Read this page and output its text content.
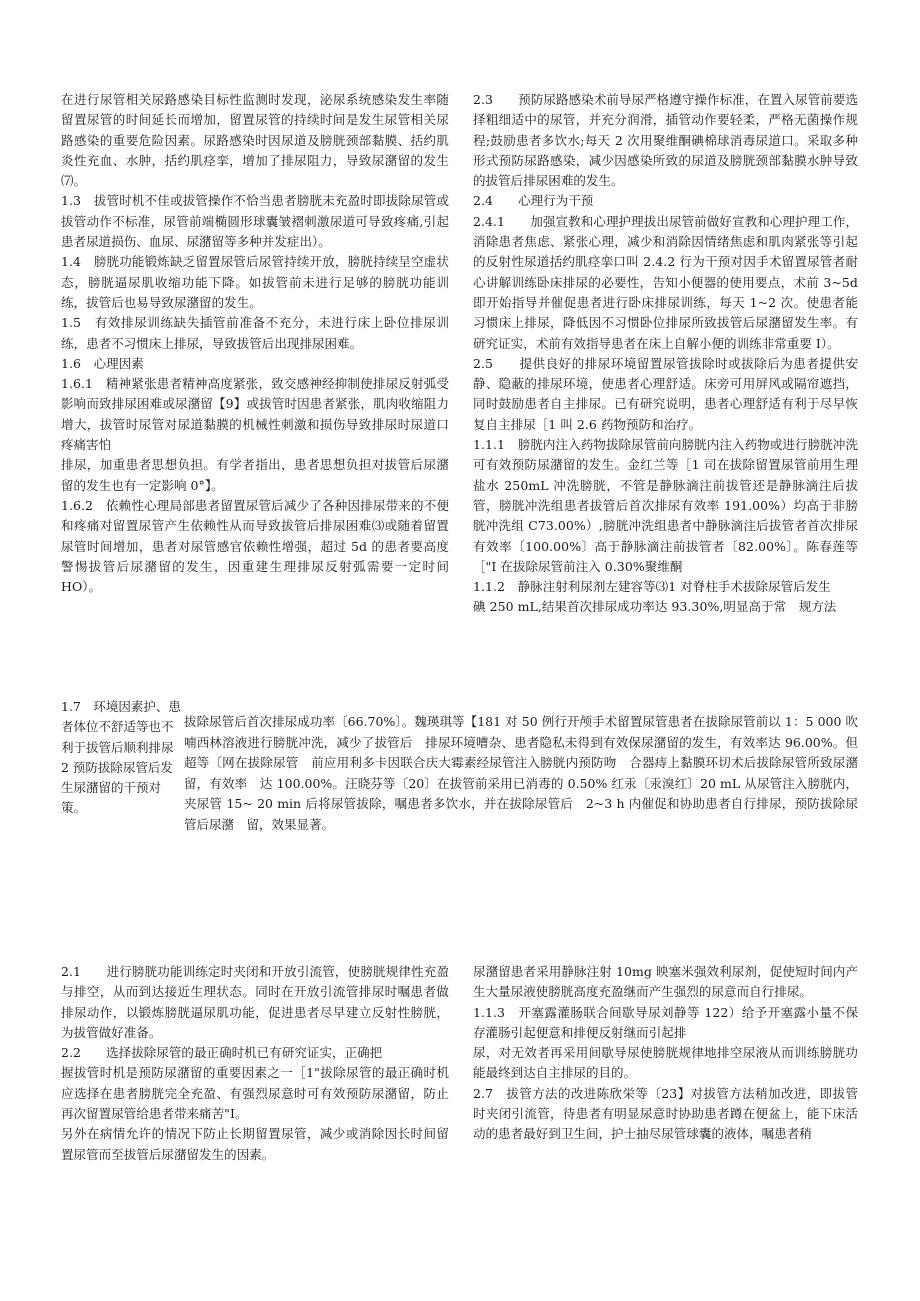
在进行尿管相关尿路感染目标性监测时发现，泌尿系统感染发生率随留置尿管的时间延长而增加，留置尿管的持续时间是发生尿管相关尿路感染的重要危险因素。尿路感染时因尿道及膀胱颈部黏膜、括约肌炎性充血、水肿，括约肌痉挛，增加了排尿阻力，导致尿潴留的发生⑺。

1.3　拔管时机不佳或拔管操作不恰当患者膀胱未充盈时即拔除尿管或拔管动作不标准，尿管前端椭圆形球囊皱褶刺激尿道可导致疼痛,引起患者尿道损伤、血尿、尿潴留等多种并发症出）。

1.4　膀胱功能锻炼缺乏留置尿管后尿管持续开放，膀胱持续呈空虚状态，膀胱逼尿肌收缩功能下降。如拔管前未进行足够的膀胱功能训练，拔管后也易导致尿潴留的发生。

1.5　有效排尿训练缺失插管前准备不充分，未进行床上卧位排尿训练，患者不习惯床上排尿，导致拔管后出现排尿困难。

1.6　心理因素

1.6.1　精神紧张患者精神高度紧张，致交感神经抑制使排尿反射弧受影响而致排尿困难或尿潴留【9】或拔管时因患者紧张，肌肉收缩阻力增大，拔管时尿管对尿道黏膜的机械性刺激和损伤导致排尿时尿道口疼痛害怕

排尿，加重患者思想负担。有学者指出，患者思想负担对拔管后尿潴留的发生也有一定影响 0°】。

1.6.2　依赖性心理局部患者留置尿管后减少了各种因排尿带来的不便和疼痛对留置尿管产生依赖性从而导致拔管后排尿困难⑶或随着留置尿管时间增加，患者对尿管感官依赖性增强，超过 5d 的患者要高度警惕拔管后尿潴留的发生，因重建生理排尿反射弧需要一定时间 HO）。

2.3　　预防尿路感染术前导尿严格遵守操作标准，在置入尿管前要选择粗细适中的尿管，并充分润滑，插管动作要轻柔，严格无菌操作规程;鼓励患者多饮水;每天 2 次用聚维酮碘棉球消毒尿道口。采取多种形式预防尿路感染，减少因感染所致的尿道及膀胱颈部黏膜水肿导致的拔管后排尿困难的发生。

2.4　　心理行为干预

2.4.1　　加强宣教和心理护理拔出尿管前做好宣教和心理护理工作，消除患者焦虑、紧张心理，减少和消除因情绪焦虑和肌肉紧张等引起的反射性尿道括约肌痉挛口叫 2.4.2 行为干预对因手术留置尿管者耐心讲解训练卧床排尿的必要性，告知小便器的使用要点，术前 3~5d 即开始指导并催促患者进行卧床排尿训练，每天 1~2 次。使患者能习惯床上排尿，降低因不习惯卧位排尿所致拔管后尿潴留发生率。有研究证实，术前有效指导患者在床上自解小便的训练非常重要 I）。

2.5　　提供良好的排尿环境留置尿管拔除时或拔除后为患者提供安静、隐蔽的排尿环境，使患者心理舒适。床旁可用屏风或隔帘遮挡，同时鼓励患者自主排尿。已有研究说明，患者心理舒适有利于尽早恢复自主排尿［1 叫 2.6 药物预防和治疗。

1.1.1　膀胱内注入药物拔除尿管前向膀胱内注入药物或进行膀胱冲洗可有效预防尿潴留的发生。金红兰等［1 司在拔除留置尿管前用生理盐水 250mL 冲洗膀胱，不管是静脉滴注前拔管还是静脉滴注后拔管，膀胱冲洗组患者拔管后首次排尿有效率 191.00%）均高于非膀胱冲洗组 C73.00%）,膀胱冲洗组患者中静脉滴注后拔管者首次排尿有效率〔100.00%〕高于静脉滴注前拔管者〔82.00%〕。陈春莲等［"I 在拔除尿管前注入 0.30%聚维酮

1.1.2　静脉注射利尿剂左建容等⑶1 对脊柱手术拔除尿管后发生

碘 250 mL,结果首次排尿成功率达 93.30%,明显高于常　规方法

1.7　环境因素护、患者体位不舒适等也不利于拔管后顺利排尿

2 预防拔除尿管后发生尿潴留的干预对策。

拔除尿管后首次排尿成功率〔66.70%〕。魏瑛琪等【181 对 50 例行开颅手术留置尿管患者在拔除尿管前以 1：5 000 吹喃西林溶液进行膀胱冲洗，减少了拔管后　排尿环境嘈杂、患者隐私未得到有效保尿潴留的发生，有效率达 96.00%。但超等〔网在拔除尿管　前应用利多卡因联合庆大霉素经尿管注入膀胱内预防吻　合器痔上黏膜环切术后拔除尿管所致尿潴留，有效率　达 100.00%。汪晓芬等〔20〕在拔管前采用已消毒的 0.50% 红汞〔汞溴红〕20 mL 从尿管注入膀胱内，夹尿管 15~ 20 min 后将尿管拔除，嘱患者多饮水，并在拔除尿管后　2~3 h 内催促和协助患者自行排尿，预防拔除尿管后尿潴　留，效果显著。

2.1　　进行膀胱功能训练定时夹闭和开放引流管，使膀胱规律性充盈与排空，从而到达接近生理状态。同时在开放引流管排尿时嘱患者做排尿动作，以锻炼膀胱逼尿肌功能，促进患者尽早建立反射性膀胱，为拔管做好准备。

2.2　　选择拔除尿管的最正确时机已有研究证实，正确把

握拔管时机是预防尿潴留的重要因素之一［1"拔除尿管的最正确时机应选择在患者膀胱完全充盈、有强烈尿意时可有效预防尿潴留，防止再次留置尿管给患者带来痛苦"I。

另外在病情允许的情况下防止长期留置尿管，减少或消除因长时间留置尿管而至拔管后尿潴留发生的因素。

尿潴留患者采用静脉注射 10mg 映塞米强效利尿剂，促使短时间内产生大量尿液使膀胱高度充盈继而产生强烈的尿意而自行排尿。

1.1.3　开塞露灌肠联合间歇导尿刘静等 122）给予开塞露小量不保存灌肠引起便意和排便反射继而引起排

尿，对无效者再采用间歇导尿使膀胱规律地排空尿液从而训练膀胱功能最终到达自主排尿的目的。

2.7　拔管方法的改进陈欣栄等〔23】对拔管方法稍加改进，即拔管时夹闭引流管，待患者有明显尿意时协助患者蹲在便盆上，能下床活动的患者最好到卫生间，护士抽尽尿管球囊的液体，嘱患者稍
